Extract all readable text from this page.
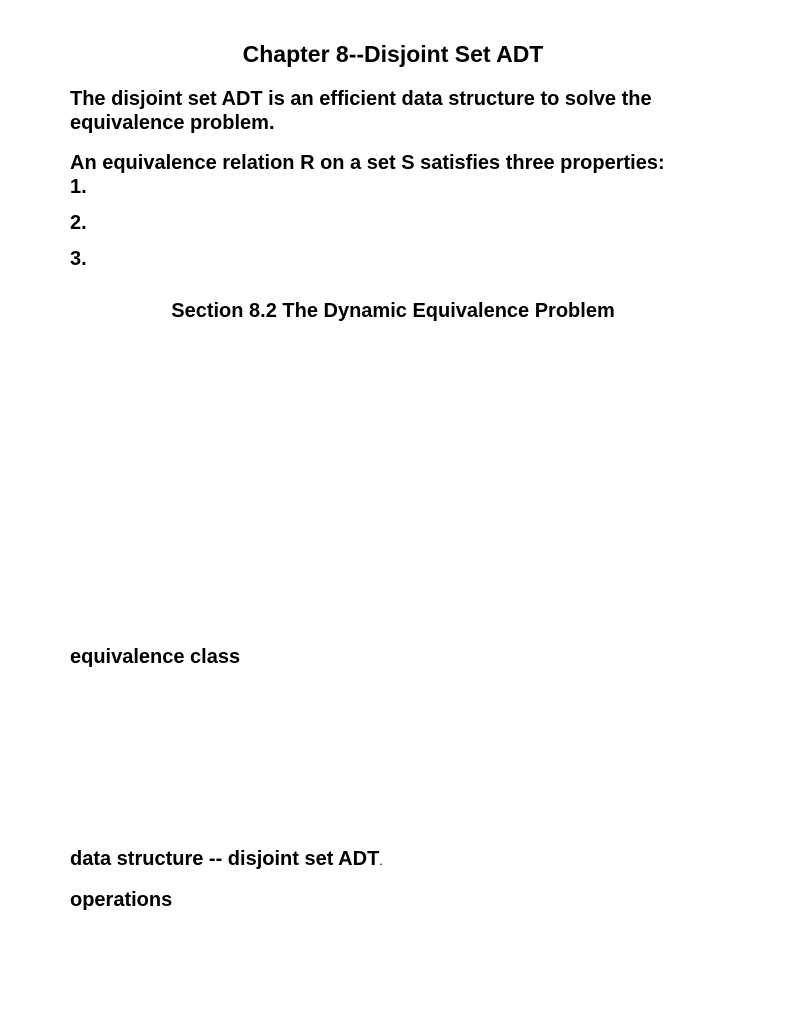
Chapter 8--Disjoint Set ADT

The disjoint set ADT is an efficient data structure to solve the

equivalence problem.

An equivalence relation R on a set S satisfies three properties:

1.

2.

3.

Section 8.2 The Dynamic Equivalence Problem

equivalence class

data structure -- disjoint set ADT.

operations
